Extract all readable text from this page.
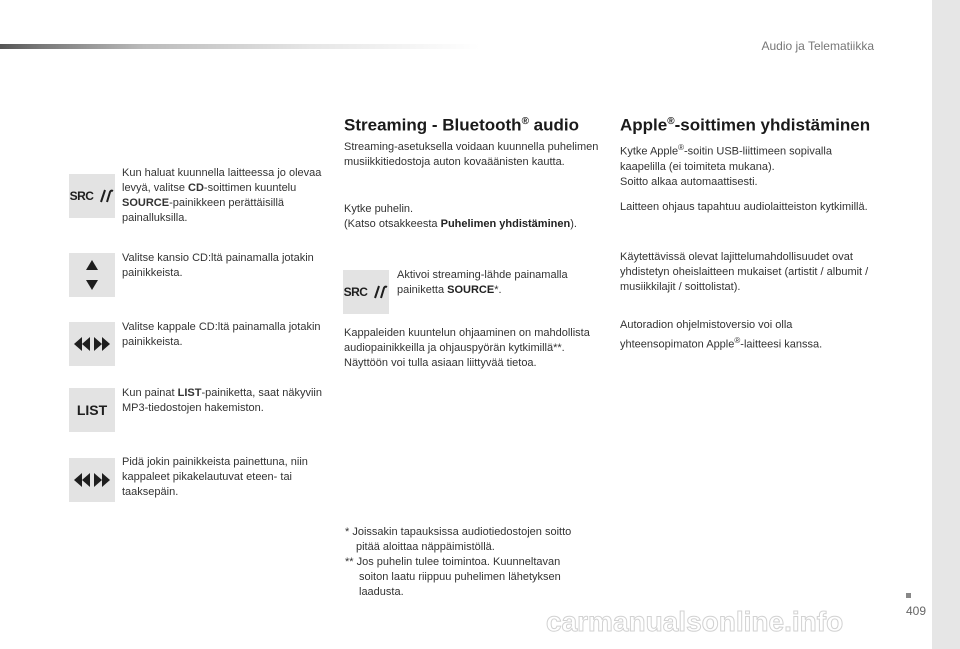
Audio ja Telematiikka
SRC
Kun haluat kuunnella laitteessa jo olevaa levyä, valitse CD-soittimen kuuntelu SOURCE-painikkeen perättäisillä painalluksilla.
Valitse kansio CD:ltä painamalla jotakin painikkeista.
Valitse kappale CD:ltä painamalla jotakin painikkeista.
LIST
Kun painat LIST-painiketta, saat näkyviin MP3-tiedostojen hakemiston.
Pidä jokin painikkeista painettuna, niin kappaleet pikakelautuvat eteen- tai taaksepäin.
Streaming - Bluetooth® audio
Streaming-asetuksella voidaan kuunnella puhelimen musiikkitiedostoja auton kovaäänisten kautta.
Kytke puhelin.
(Katso otsakkeesta Puhelimen yhdistäminen).
SRC
Aktivoi streaming-lähde painamalla painiketta SOURCE*.
Kappaleiden kuuntelun ohjaaminen on mahdollista audiopainikkeilla ja ohjauspyörän kytkimillä**. Näyttöön voi tulla asiaan liittyvää tietoa.
* Joissakin tapauksissa audiotiedostojen soitto
pitää aloittaa näppäimistöllä.
** Jos puhelin tulee toimintoa. Kuunneltavan
soiton laatu riippuu puhelimen lähetyksen
laadusta.
Apple®-soittimen yhdistäminen
Kytke Apple®-soitin USB-liittimeen sopivalla kaapelilla (ei toimiteta mukana).
Soitto alkaa automaattisesti.
Laitteen ohjaus tapahtuu audiolaitteiston kytkimillä.
Käytettävissä olevat lajittelumahdollisuudet ovat yhdistetyn oheislaitteen mukaiset (artistit / albumit / musiikkilajit / soittolistat).
Autoradion ohjelmistoversio voi olla yhteensopimaton Apple®-laitteesi kanssa.
409
carmanualsonline.info
